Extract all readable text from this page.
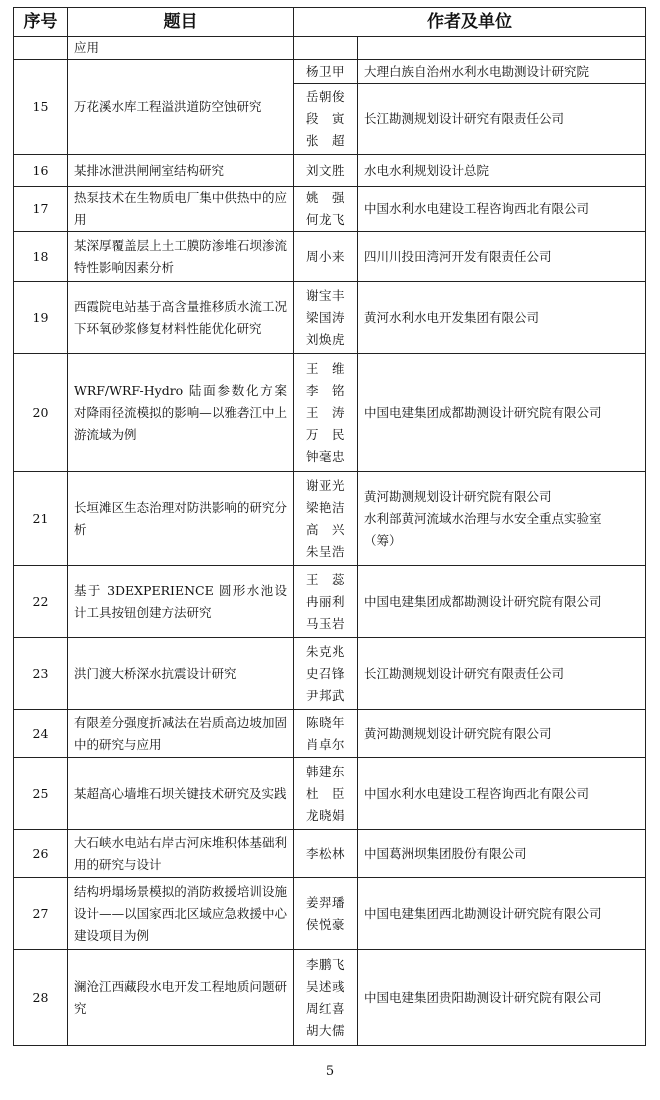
序号	题目	作者及单位	
	应用	

15	万花溪水库工程溢洪道防空蚀研究	杨卫甲	大理白族自治州水利水电勘测设计研究院

		岳朝俊
段　寅
张　超	长江勘测规划设计研究有限责任公司

16	某排冰泄洪闸闸室结构研究	刘文胜	水电水利规划设计总院

17	热泵技术在生物质电厂集中供热中的应用	姚　强
何龙飞	中国水利水电建设工程咨询西北有限公司

18	某深厚覆盖层上土工膜防渗堆石坝渗流特性影响因素分析	周小来	四川川投田湾河开发有限责任公司

19	西霞院电站基于高含量推移质水流工况下环氧砂浆修复材料性能优化研究	谢宝丰
梁国涛
刘焕虎	黄河水利水电开发集团有限公司

20	WRF/WRF-Hydro 陆面参数化方案对降雨径流模拟的影响—以雅砻江中上游流域为例	王　维
李　铭
王　涛
万　民
钟毫忠	中国电建集团成都勘测设计研究院有限公司

21	长垣滩区生态治理对防洪影响的研究分析	谢亚光
梁艳洁
高　兴
朱呈浩	黄河勘测规划设计研究院有限公司
水利部黄河流域水治理与水安全重点实验室
（筹）

22	基于 3DEXPERIENCE 圆形水池设计工具按钮创建方法研究	王　蕊
冉丽利
马玉岩	中国电建集团成都勘测设计研究院有限公司

23	洪门渡大桥深水抗震设计研究	朱克兆
史召锋
尹邦武	长江勘测规划设计研究有限责任公司

24	有限差分强度折减法在岩质高边坡加固中的研究与应用	陈晓年
肖卓尔	黄河勘测规划设计研究院有限公司

25	某超高心墙堆石坝关键技术研究及实践	韩建东
杜　臣
龙晓娟	中国水利水电建设工程咨询西北有限公司

26	大石峡水电站右岸古河床堆积体基础利用的研究与设计	李松林	中国葛洲坝集团股份有限公司

27	结构坍塌场景模拟的消防救援培训设施设计——以国家西北区域应急救援中心建设项目为例	姜羿璠
侯悦豪	中国电建集团西北勘测设计研究院有限公司

28	澜沧江西藏段水电开发工程地质问题研究	李鹏飞
吴述彧
周红喜
胡大儒	中国电建集团贵阳勘测设计研究院有限公司
5
